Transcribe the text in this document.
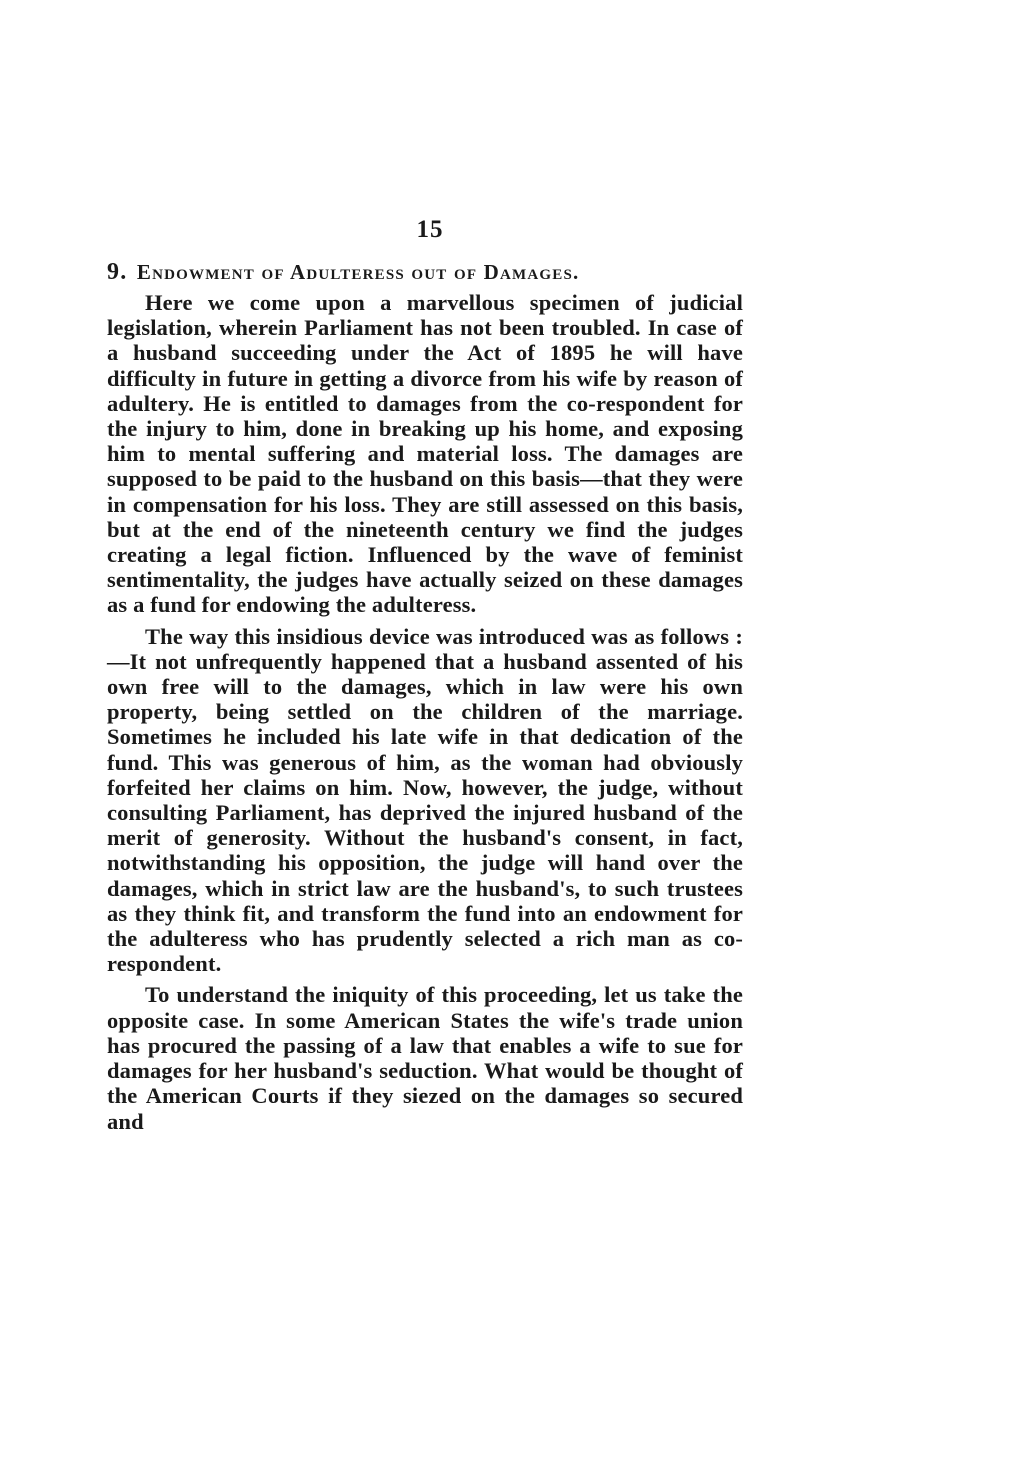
15
9. Endowment of Adulteress out of Damages.

Here we come upon a marvellous specimen of judicial legislation, wherein Parliament has not been troubled. In case of a husband succeeding under the Act of 1895 he will have difficulty in future in getting a divorce from his wife by reason of adultery. He is entitled to damages from the co-respondent for the injury to him, done in breaking up his home, and exposing him to mental suffering and material loss. The damages are supposed to be paid to the husband on this basis—that they were in compensation for his loss. They are still assessed on this basis, but at the end of the nineteenth century we find the judges creating a legal fiction. Influenced by the wave of feminist sentimentality, the judges have actually seized on these damages as a fund for endowing the adulteress.

The way this insidious device was introduced was as follows :—It not unfrequently happened that a husband assented of his own free will to the damages, which in law were his own property, being settled on the children of the marriage. Sometimes he included his late wife in that dedication of the fund. This was generous of him, as the woman had obviously forfeited her claims on him. Now, however, the judge, without consulting Parliament, has deprived the injured husband of the merit of generosity. Without the husband's consent, in fact, notwithstanding his opposition, the judge will hand over the damages, which in strict law are the husband's, to such trustees as they think fit, and transform the fund into an endowment for the adulteress who has prudently selected a rich man as co-respondent.

To understand the iniquity of this proceeding, let us take the opposite case. In some American States the wife's trade union has procured the passing of a law that enables a wife to sue for damages for her husband's seduction. What would be thought of the American Courts if they siezed on the damages so secured and
